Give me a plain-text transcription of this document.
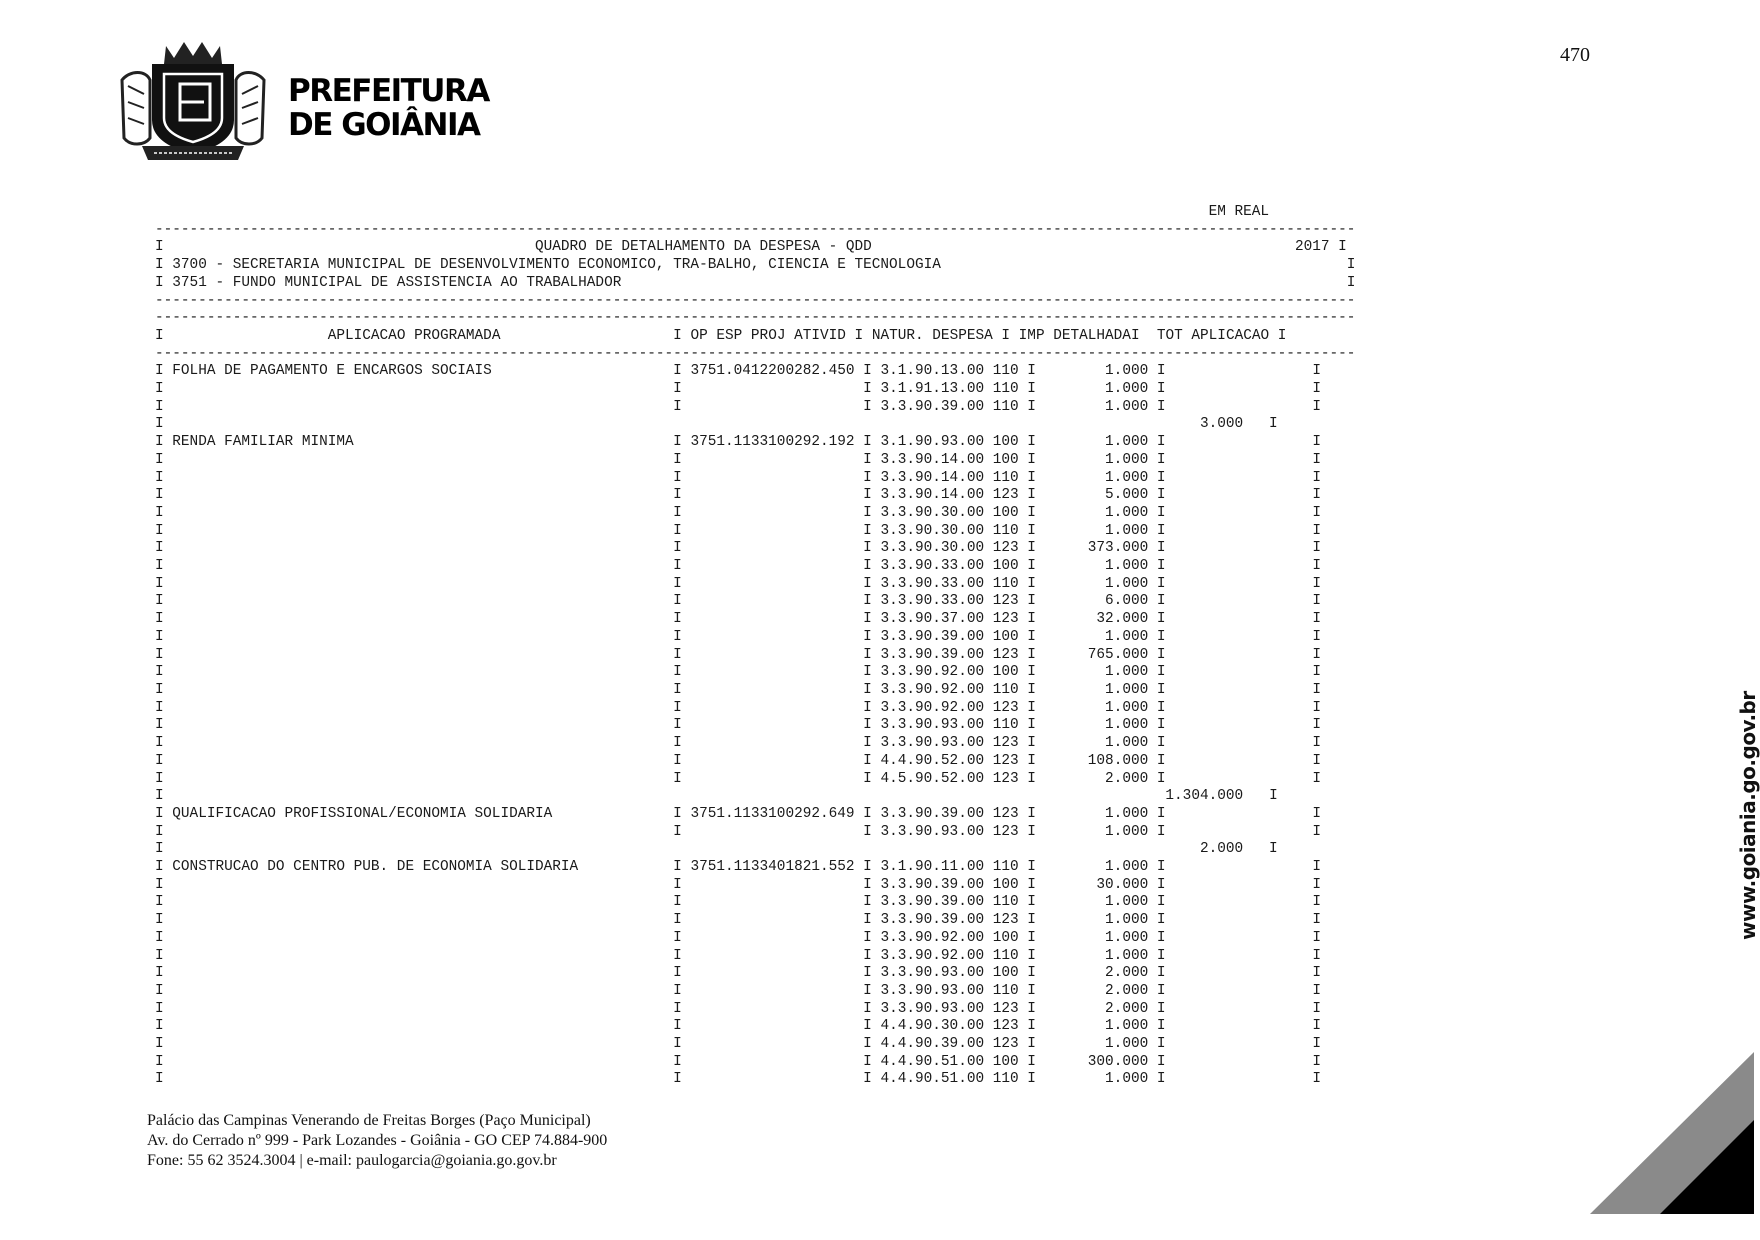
470
PREFEITURA
DE GOIÂNIA
EM REAL
-------------------------------------------------------------------------------------------------------------------------------------------
I	QUADRO DE DETALHAMENTO DA DESPESA - QDD	2017 I
I 3700 - SECRETARIA MUNICIPAL DE DESENVOLVIMENTO ECONOMICO, TRA-BALHO, CIENCIA E TECNOLOGIA	I
I 3751 - FUNDO MUNICIPAL DE ASSISTENCIA AO TRABALHADOR	I
-------------------------------------------------------------------------------------------------------------------------------------------
-------------------------------------------------------------------------------------------------------------------------------------------
I	APLICACAO PROGRAMADA	I OP ESP PROJ ATIVID I NATUR. DESPESA I IMP DETALHADAI  TOT APLICACAO I
-------------------------------------------------------------------------------------------------------------------------------------------
I FOLHA DE PAGAMENTO E ENCARGOS SOCIAIS	I 3751.0412200282.450 I 3.1.90.13.00 110 I	1.000 I	I
I	I	I 3.1.91.13.00 110 I	1.000 I	I
I	I	I 3.3.90.39.00 110 I	1.000 I	I
I	3.000 I
I RENDA FAMILIAR MINIMA	I 3751.1133100292.192 I 3.1.90.93.00 100 I	1.000 I	I
I	I	I 3.3.90.14.00 100 I	1.000 I	I
I	I	I 3.3.90.14.00 110 I	1.000 I	I
I	I	I 3.3.90.14.00 123 I	5.000 I	I
I	I	I 3.3.90.30.00 100 I	1.000 I	I
I	I	I 3.3.90.30.00 110 I	1.000 I	I
I	I	I 3.3.90.30.00 123 I	373.000 I	I
I	I	I 3.3.90.33.00 100 I	1.000 I	I
I	I	I 3.3.90.33.00 110 I	1.000 I	I
I	I	I 3.3.90.33.00 123 I	6.000 I	I
I	I	I 3.3.90.37.00 123 I	32.000 I	I
I	I	I 3.3.90.39.00 100 I	1.000 I	I
I	I	I 3.3.90.39.00 123 I	765.000 I	I
I	I	I 3.3.90.92.00 100 I	1.000 I	I
I	I	I 3.3.90.92.00 110 I	1.000 I	I
I	I	I 3.3.90.92.00 123 I	1.000 I	I
I	I	I 3.3.90.93.00 110 I	1.000 I	I
I	I	I 3.3.90.93.00 123 I	1.000 I	I
I	I	I 4.4.90.52.00 123 I	108.000 I	I
I	I	I 4.5.90.52.00 123 I	2.000 I	I
I	1.304.000 I
I QUALIFICACAO PROFISSIONAL/ECONOMIA SOLIDARIA	I 3751.1133100292.649 I 3.3.90.39.00 123 I	1.000 I	I
I	I	I 3.3.90.93.00 123 I	1.000 I	I
I	2.000 I
I CONSTRUCAO DO CENTRO PUB. DE ECONOMIA SOLIDARIA	I 3751.1133401821.552 I 3.1.90.11.00 110 I	1.000 I	I
I	I	I 3.3.90.39.00 100 I	30.000 I	I
I	I	I 3.3.90.39.00 110 I	1.000 I	I
I	I	I 3.3.90.39.00 123 I	1.000 I	I
I	I	I 3.3.90.92.00 100 I	1.000 I	I
I	I	I 3.3.90.92.00 110 I	1.000 I	I
I	I	I 3.3.90.93.00 100 I	2.000 I	I
I	I	I 3.3.90.93.00 110 I	2.000 I	I
I	I	I 3.3.90.93.00 123 I	2.000 I	I
I	I	I 4.4.90.30.00 123 I	1.000 I	I
I	I	I 4.4.90.39.00 123 I	1.000 I	I
I	I	I 4.4.90.51.00 100 I	300.000 I	I
I	I	I 4.4.90.51.00 110 I	1.000 I	I
Palácio das Campinas Venerando de Freitas Borges (Paço Municipal)
Av. do Cerrado nº 999 - Park Lozandes - Goiânia - GO CEP 74.884-900
Fone: 55 62 3524.3004 | e-mail: paulogarcia@goiania.go.gov.br
www.goiania.go.gov.br
